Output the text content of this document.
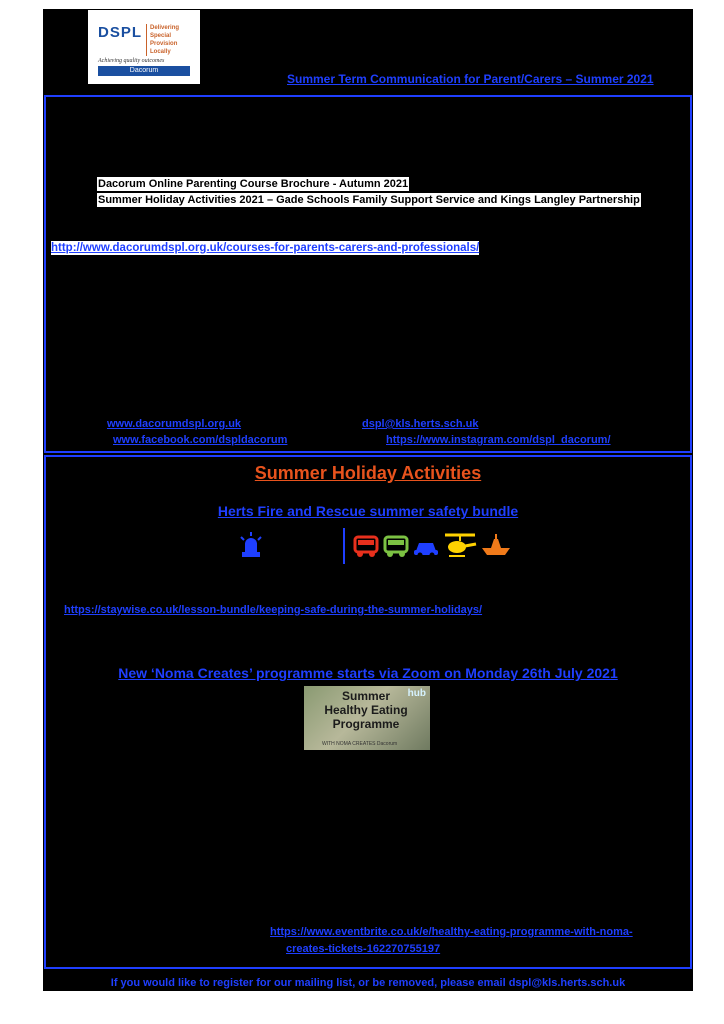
DSPL	Delivering Special
Provision Locally
Achieving quality outcomes
Dacorum
Summer Term Communication for Parent/Carers – Summer 2021
Dacorum Online Parenting Course Brochure - Autumn 2021
Summer Holiday Activities 2021 – Gade Schools Family Support Service and Kings Langley Partnership
http://www.dacorumdspl.org.uk/courses-for-parents-carers-and-professionals/
www.dacorumdspl.org.uk	dspl@kls.herts.sch.uk
www.facebook.com/dspldacorum	https://www.instagram.com/dspl_dacorum/
Summer Holiday Activities
Herts Fire and Rescue summer safety bundle
https://staywise.co.uk/lesson-bundle/keeping-safe-during-the-summer-holidays/
New ‘Noma Creates’ programme starts via Zoom on Monday 26th July 2021
hub
Summer
Healthy Eating
Programme
WITH NOMA CREATES Dacorum
https://www.eventbrite.co.uk/e/healthy-eating-programme-with-noma-
creates-tickets-162270755197
If you would like to register for our mailing list, or be removed, please email dspl@kls.herts.sch.uk
